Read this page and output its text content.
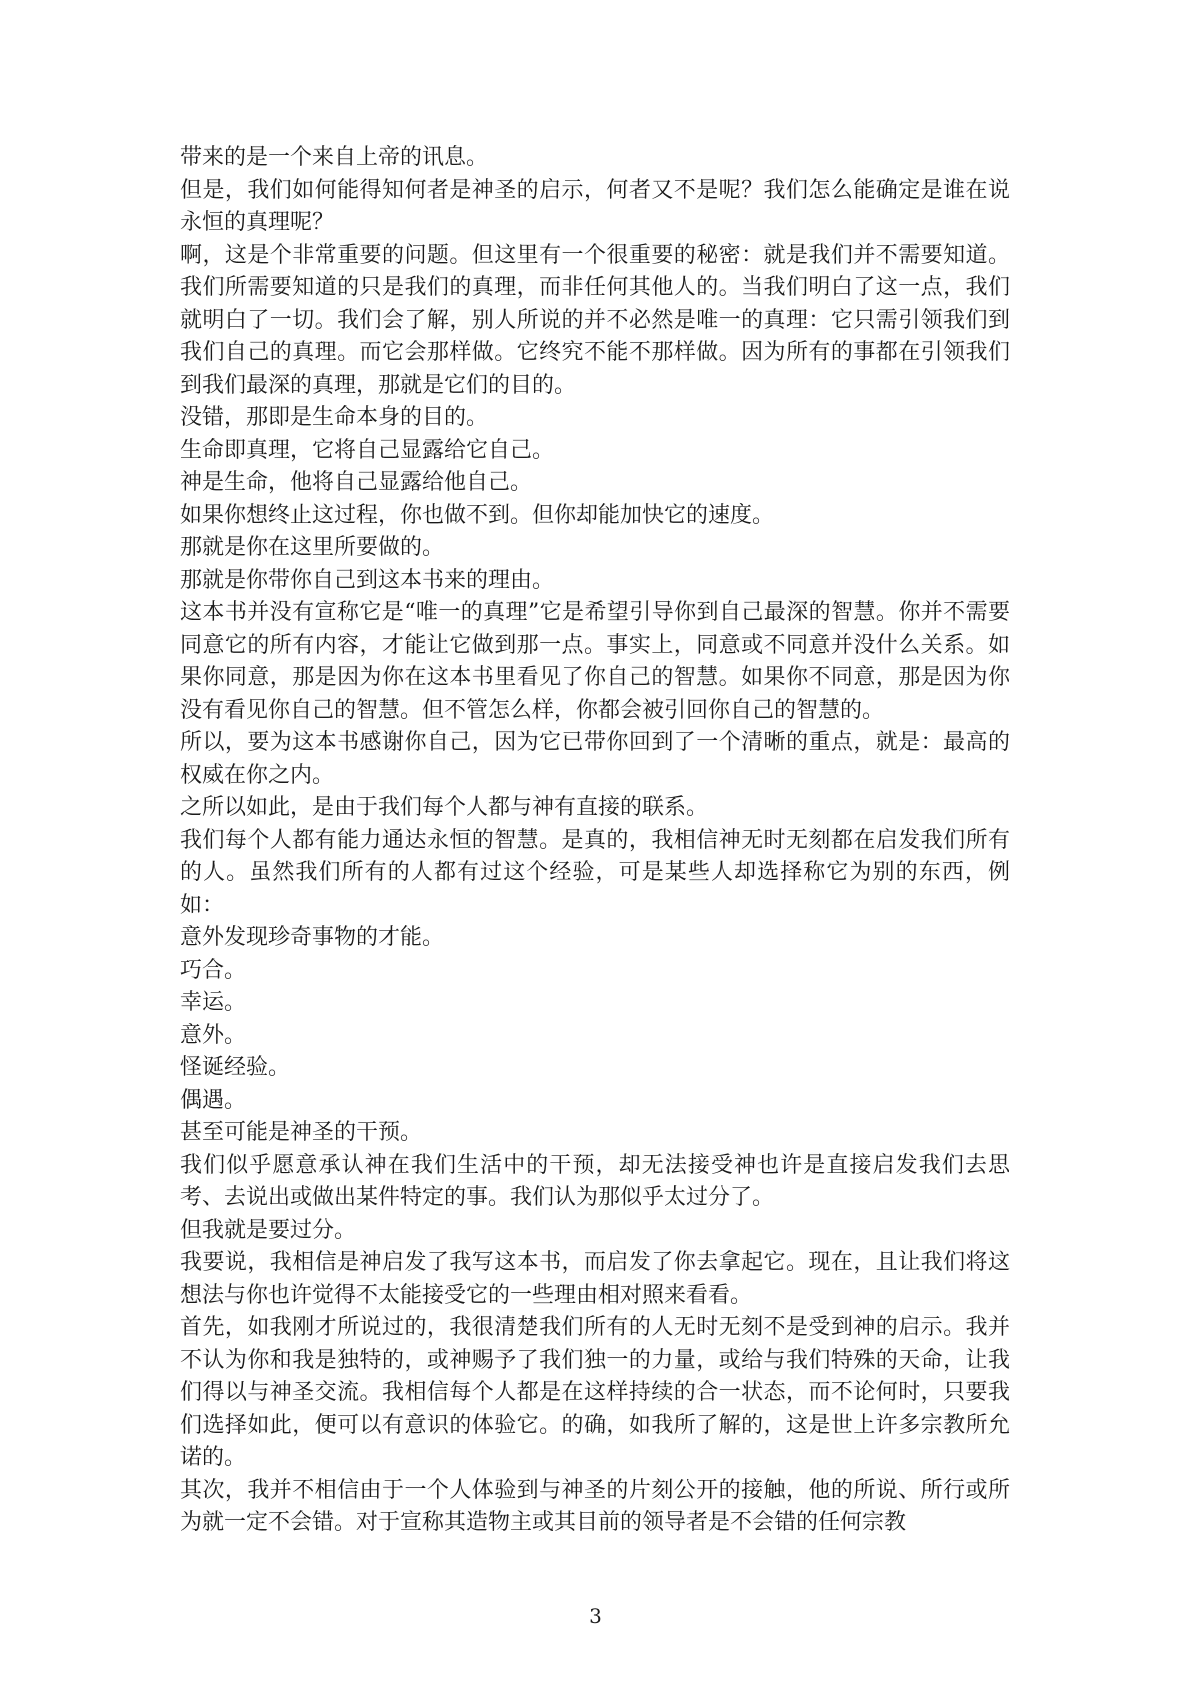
带来的是一个来自上帝的讯息。

但是，我们如何能得知何者是神圣的启示，何者又不是呢？我们怎么能确定是谁在说永恒的真理呢？

啊，这是个非常重要的问题。但这里有一个很重要的秘密：就是我们并不需要知道。我们所需要知道的只是我们的真理，而非任何其他人的。当我们明白了这一点，我们就明白了一切。我们会了解，别人所说的并不必然是唯一的真理：它只需引领我们到我们自己的真理。而它会那样做。它终究不能不那样做。因为所有的事都在引领我们到我们最深的真理，那就是它们的目的。

没错，那即是生命本身的目的。

生命即真理，它将自己显露给它自己。

神是生命，他将自己显露给他自己。

如果你想终止这过程，你也做不到。但你却能加快它的速度。

那就是你在这里所要做的。

那就是你带你自己到这本书来的理由。

这本书并没有宣称它是“唯一的真理”它是希望引导你到自己最深的智慧。你并不需要同意它的所有内容，才能让它做到那一点。事实上，同意或不同意并没什么关系。如果你同意，那是因为你在这本书里看见了你自己的智慧。如果你不同意，那是因为你没有看见你自己的智慧。但不管怎么样，你都会被引回你自己的智慧的。

所以，要为这本书感谢你自己，因为它已带你回到了一个清晰的重点，就是：最高的权威在你之内。

之所以如此，是由于我们每个人都与神有直接的联系。

我们每个人都有能力通达永恒的智慧。是真的，我相信神无时无刻都在启发我们所有的人。虽然我们所有的人都有过这个经验，可是某些人却选择称它为别的东西，例如：

意外发现珍奇事物的才能。

巧合。

幸运。

意外。

怪诞经验。

偶遇。

甚至可能是神圣的干预。

我们似乎愿意承认神在我们生活中的干预，却无法接受神也许是直接启发我们去思考、去说出或做出某件特定的事。我们认为那似乎太过分了。

但我就是要过分。

我要说，我相信是神启发了我写这本书，而启发了你去拿起它。现在，且让我们将这想法与你也许觉得不太能接受它的一些理由相对照来看看。

首先，如我刚才所说过的，我很清楚我们所有的人无时无刻不是受到神的启示。我并不认为你和我是独特的，或神赐予了我们独一的力量，或给与我们特殊的天命，让我们得以与神圣交流。我相信每个人都是在这样持续的合一状态，而不论何时，只要我们选择如此，便可以有意识的体验它。的确，如我所了解的，这是世上许多宗教所允诺的。

其次，我并不相信由于一个人体验到与神圣的片刻公开的接触，他的所说、所行或所为就一定不会错。对于宣称其造物主或其目前的领导者是不会错的任何宗教

3
